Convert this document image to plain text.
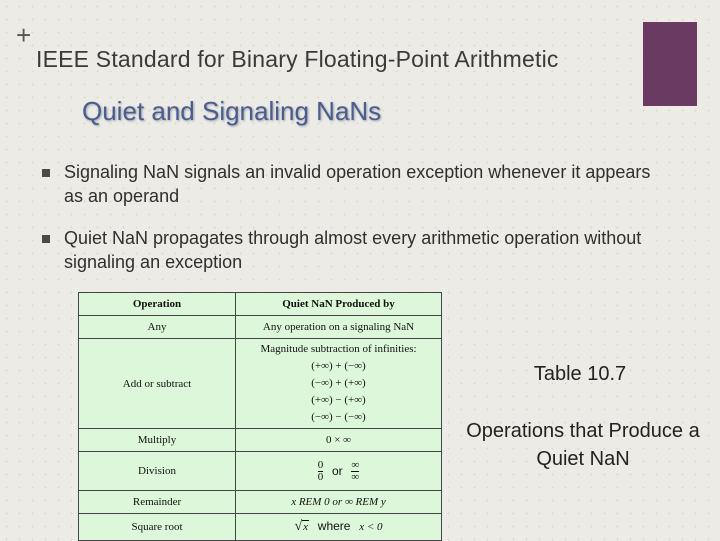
+
IEEE Standard for Binary Floating-Point Arithmetic
Quiet and Signaling NaNs
Signaling NaN signals an invalid operation exception whenever it appears as an operand
Quiet NaN propagates through almost every arithmetic operation without signaling an exception
Operation	Quiet NaN Produced by
Any	Any operation on a signaling NaN
Add or subtract	Magnitude subtraction of infinities:
(+∞) + (−∞)
(−∞) + (+∞)
(+∞) − (+∞)
(−∞) − (−∞)

Multiply	0 × ∞
Division	$\frac{0}{0}$ or $\frac{\infty}{\infty}$

Remainder	x REM 0 or ∞ REM y
Square root	√x where x < 0
Table 10.7
Operations that Produce a Quiet NaN
